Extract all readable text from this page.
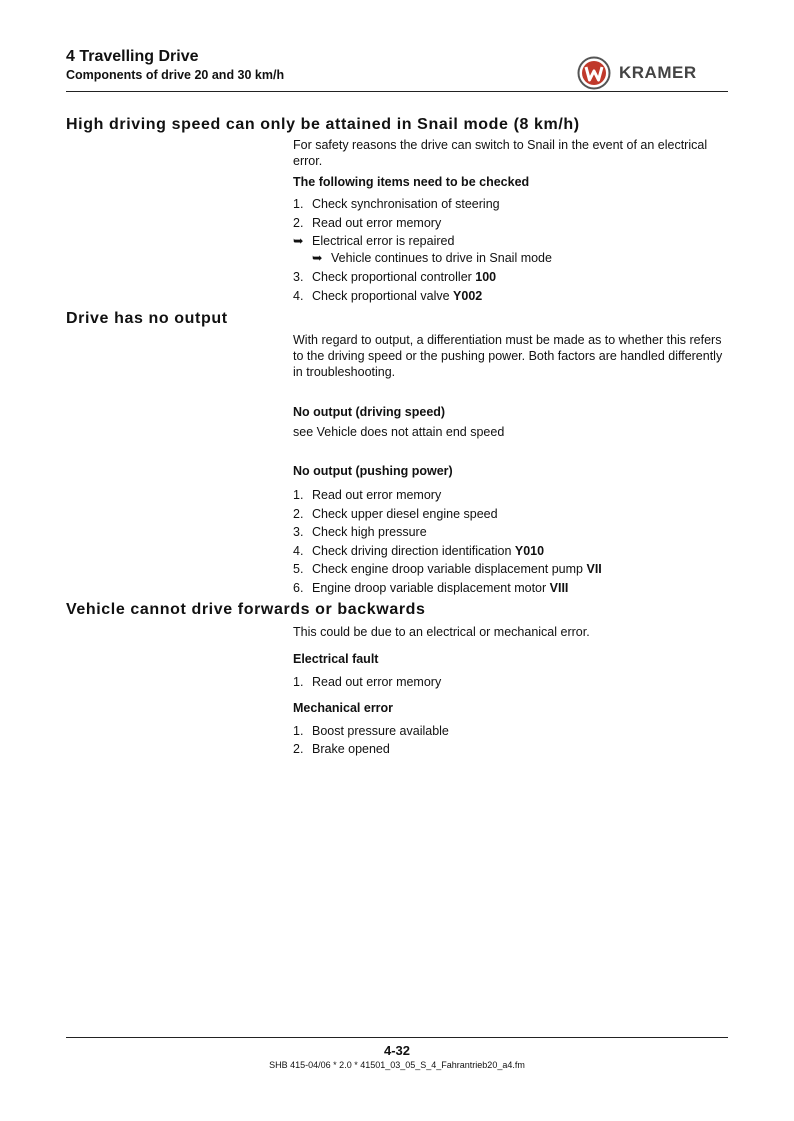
4 Travelling Drive
Components of drive 20 and 30 km/h	KRAMER
High driving speed can only be attained in Snail mode (8 km/h)
For safety reasons the drive can switch to Snail in the event of an electrical error.
The following items need to be checked
1. Check synchronisation of steering
2. Read out error memory
➥ Electrical error is repaired
➥ Vehicle continues to drive in Snail mode
3. Check proportional controller 100
4. Check proportional valve Y002
Drive has no output
With regard to output, a differentiation must be made as to whether this refers to the driving speed or the pushing power. Both factors are handled differently in troubleshooting.
No output (driving speed)
see Vehicle does not attain end speed
No output (pushing power)
1. Read out error memory
2. Check upper diesel engine speed
3. Check high pressure
4. Check driving direction identification Y010
5. Check engine droop variable displacement pump VII
6. Engine droop variable displacement motor VIII
Vehicle cannot drive forwards or backwards
This could be due to an electrical or mechanical error.
Electrical fault
1. Read out error memory
Mechanical error
1. Boost pressure available
2. Brake opened
4-32
SHB 415-04/06 * 2.0 * 41501_03_05_S_4_Fahrantrieb20_a4.fm
